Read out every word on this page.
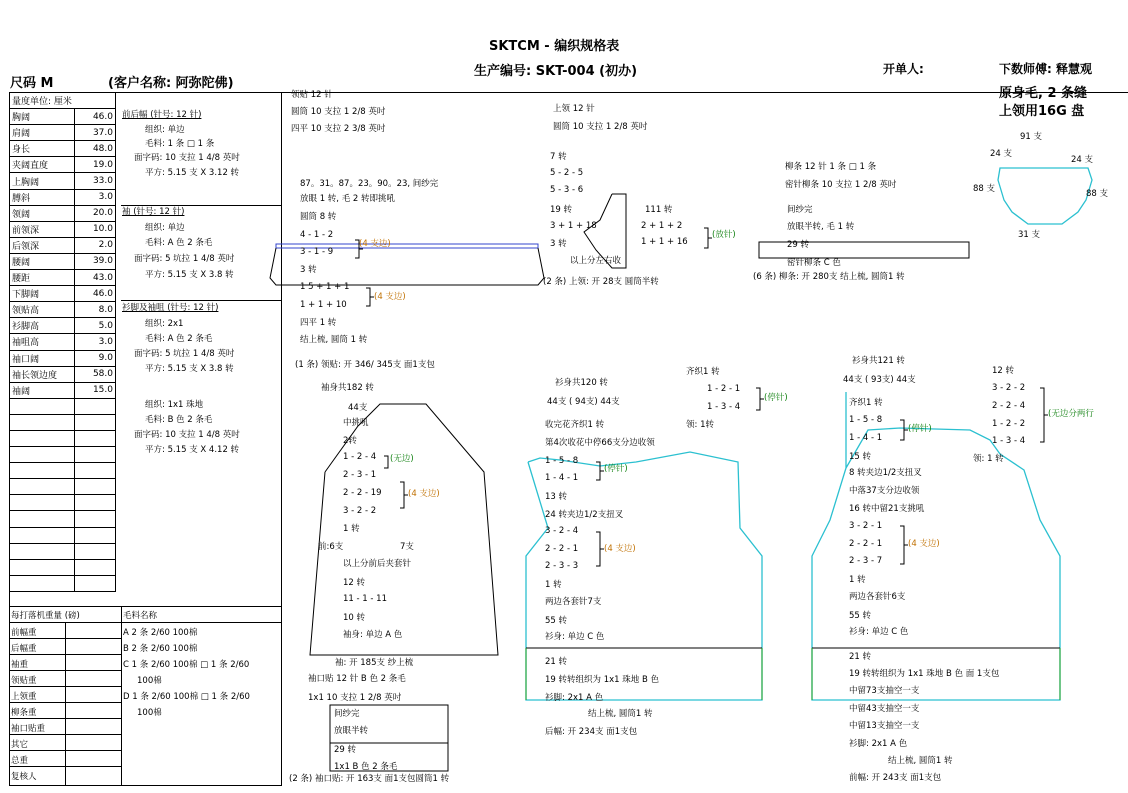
SKTCM - 编织规格表
生产编号: SKT-004 (初办)
尺码 M	(客户名称: 阿弥陀佛)
开单人:	下数师傅: 释慧观
原身毛, 2 条缝
上领用16G 盘
量度单位: 厘米	
胸阔	46.0
肩阔	37.0
身长	48.0
夹阔直度	19.0
上胸阔	33.0
膊斜	3.0
领阔	20.0
前领深	10.0
后领深	2.0
腰阔	39.0
腰距	43.0
下脚阔	46.0
领贴高	8.0
衫脚高	5.0
袖咀高	3.0
袖口阔	9.0
袖长领边度	58.0
袖阔	15.0

前后幅 (针号: 12 针)
组织: 单边
毛料: 1 条 □ 1 条
面字码: 10 支拉 1 4/8 英吋
平方: 5.15 支 X 3.12 转
袖 (针号: 12 针)
组织: 单边
毛料: A 色 2 条毛
面字码: 5 坑拉 1 4/8 英吋
平方: 5.15 支 X 3.8 转
衫脚及袖咀 (针号: 12 针)
组织: 2x1
毛料: A 色 2 条毛
面字码: 5 坑拉 1 4/8 英吋
平方: 5.15 支 X 3.8 转
组织: 1x1 珠地
毛料: B 色 2 条毛
面字码: 10 支拉 1 4/8 英吋
平方: 5.15 支 X 4.12 转
每打落机重量 (磅)	毛料名称
前幅重
后幅重
袖重
领贴重
上领重
柳条重
袖口贴重
其它
总重
复核人
A 2 条 2/60 100棉
B 2 条 2/60 100棉
C 1 条 2/60 100棉 □ 1 条 2/60
100棉
D 1 条 2/60 100棉 □ 1 条 2/60
100棉
领贴 12 针
圆筒 10 支拉 1 2/8 英吋
四平 10 支拉 2 3/8 英吋
87。31。87。23。90。23, 间纱完
放眼 1 转, 毛 2 转即挑吼
圆筒 8 转
4 - 1 - 2
(4 支边)
3 - 1 - 9
3 转
1 5 + 1 + 1
(4 支边)
1 + 1 + 10
四平 1 转
结上梳, 圆筒 1 转
(1 条) 领贴: 开 346/ 345支 面1支包
上领 12 针
圆筒 10 支拉 1 2/8 英吋
7 转
5 - 2 - 5
5 - 3 - 6
19 转
3 + 1 + 18
3 转
111 转
2 + 1 + 2
1 + 1 + 16
(放针)
以上分左右收
(2 条) 上领: 开 28支 圆筒半转
柳条 12 针 1 条 □ 1 条
密针柳条 10 支拉 1 2/8 英吋
间纱完
放眼半转, 毛 1 转
29 转
密针柳条 C 色
(6 条) 柳条: 开 280支 结上梳, 圆筒1 转
91 支
24 支
24 支
88 支	88 支
31 支
袖身共182 转
44支
中挑吼
2转
1 - 2 - 4 (无边)
2 - 3 - 1
2 - 2 - 19	(4 支边)
3 - 2 - 2
1 转
前:6支	7支
以上分前后夹套针
12 转
11 - 1 - 11
10 转
袖身: 单边 A 色
袖: 开 185支 纱上梳
袖口贴 12 针 B 色 2 条毛
1x1 10 支拉 1 2/8 英吋
间纱完
放眼半转
29 转
1x1 B 色 2 条毛
(2 条) 袖口贴: 开 163支 面1支包圆筒1 转
衫身共120 转
44支 ( 94支) 44支
齐织1 转
1 - 2 - 1
1 - 3 - 4
(停针)
收完花齐织1 转	领: 1转
第4次收花中停66支分边收领
1 - 5 - 8
(停针)
1 - 4 - 1
13 转
24 转夹边1/2支扭叉
3 - 2 - 4
2 - 2 - 1	(4 支边)
2 - 3 - 3
1 转
两边各套针7支
55 转
衫身: 单边 C 色
21 转
19 转转组织为 1x1 珠地 B 色
衫脚: 2x1 A 色
结上梳, 圆筒1 转
后幅: 开 234支 面1支包
衫身共121 转
44支 ( 93支) 44支
齐织1 转
1 - 5 - 8
(停针)
1 - 4 - 1
15 转
8 转夹边1/2支扭叉
中落37支分边收领
16 转中留21支挑吼
3 - 2 - 1
2 - 2 - 1	(4 支边)
2 - 3 - 7
1 转
两边各套针6支
55 转
衫身: 单边 C 色
21 转
19 转转组织为 1x1 珠地 B 色 面 1支包
中留73支抽空一支
中留43支抽空一支
中留13支抽空一支
衫脚: 2x1 A 色
结上梳, 圆筒1 转
前幅: 开 243支 面1支包
12 转
3 - 2 - 2
2 - 2 - 4
1 - 2 - 2
1 - 3 - 4
(无边分两行
领: 1 转
